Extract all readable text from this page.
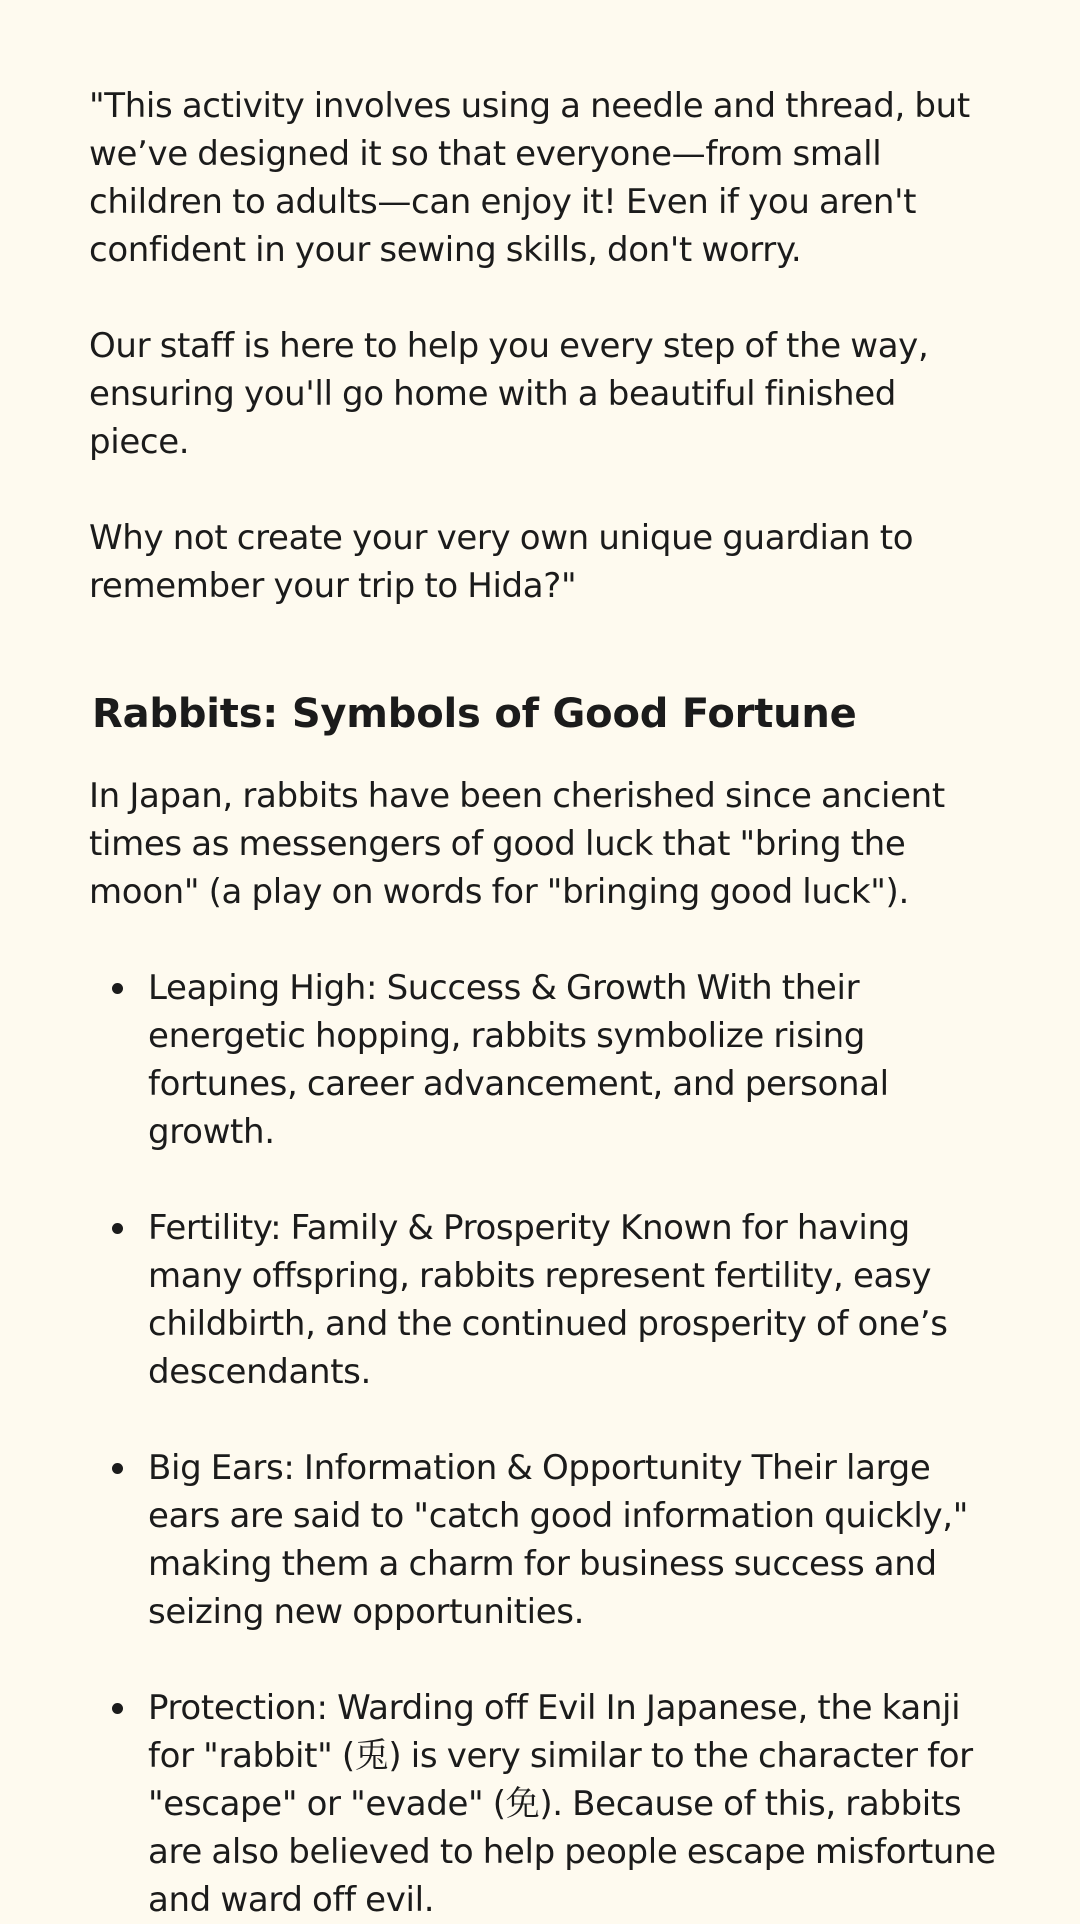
"This activity involves using a needle and thread, but we’ve designed it so that everyone—from small children to adults—can enjoy it! Even if you aren't confident in your sewing skills, don't worry.

Our staff is here to help you every step of the way, ensuring you'll go home with a beautiful finished piece.

Why not create your very own unique guardian to remember your trip to Hida?"

Rabbits: Symbols of Good Fortune

In Japan, rabbits have been cherished since ancient times as messengers of good luck that "bring the moon" (a play on words for "bringing good luck").

Leaping High: Success & Growth With their energetic hopping, rabbits symbolize rising fortunes, career advancement, and personal growth.
Fertility: Family & Prosperity Known for having many offspring, rabbits represent fertility, easy childbirth, and the continued prosperity of one’s descendants.
Big Ears: Information & Opportunity Their large ears are said to "catch good information quickly," making them a charm for business success and seizing new opportunities.
Protection: Warding off Evil In Japanese, the kanji for "rabbit" (兎) is very similar to the character for "escape" or "evade" (免). Because of this, rabbits are also believed to help people escape misfortune and ward off evil.
